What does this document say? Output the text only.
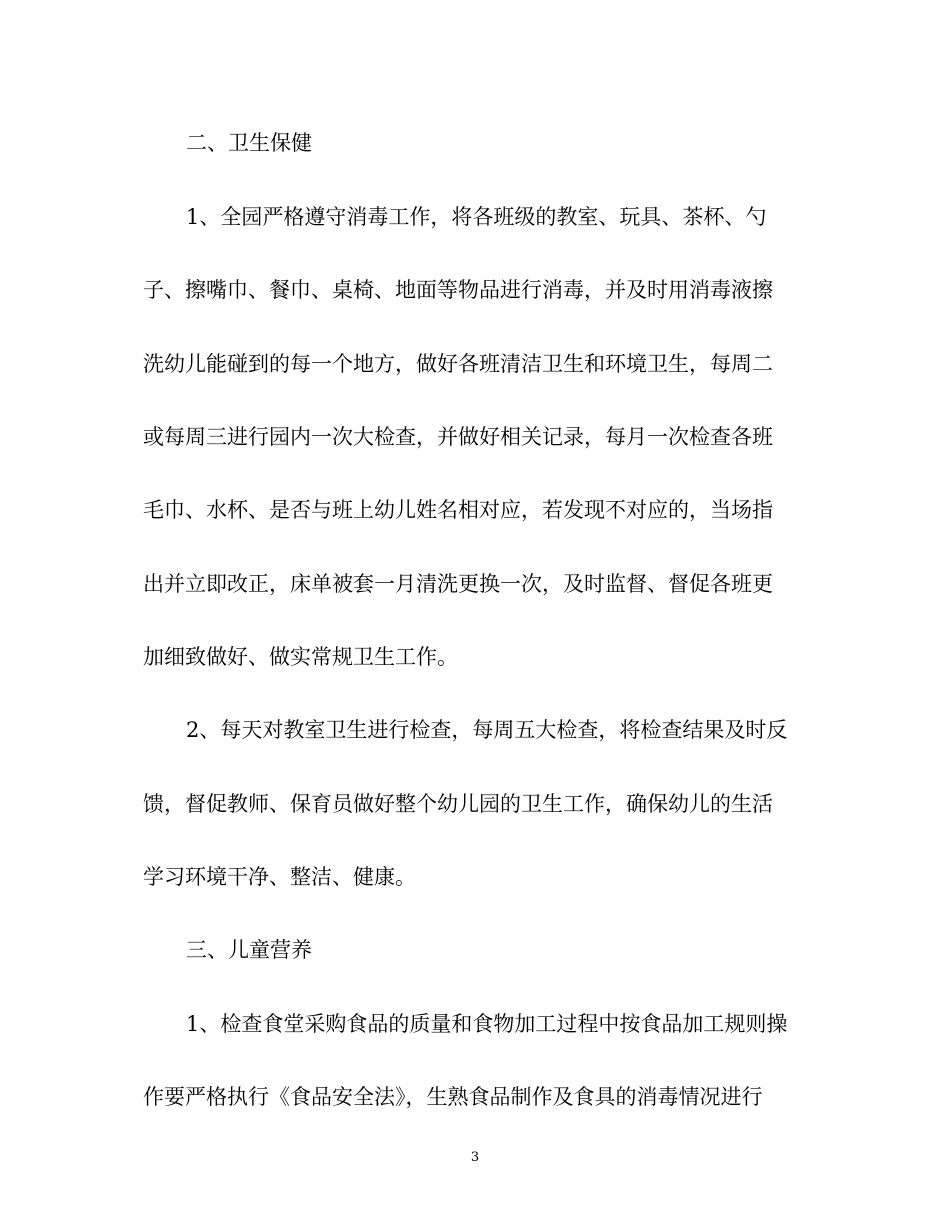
二、卫生保健
1、全园严格遵守消毒工作，将各班级的教室、玩具、茶杯、勺
子、擦嘴巾、餐巾、桌椅、地面等物品进行消毒，并及时用消毒液擦
洗幼儿能碰到的每一个地方，做好各班清洁卫生和环境卫生，每周二
或每周三进行园内一次大检查，并做好相关记录，每月一次检查各班
毛巾、水杯、是否与班上幼儿姓名相对应，若发现不对应的，当场指
出并立即改正，床单被套一月清洗更换一次，及时监督、督促各班更
加细致做好、做实常规卫生工作。
2、每天对教室卫生进行检查，每周五大检查，将检查结果及时反
馈，督促教师、保育员做好整个幼儿园的卫生工作，确保幼儿的生活
学习环境干净、整洁、健康。
三、儿童营养
1、检查食堂采购食品的质量和食物加工过程中按食品加工规则操
作要严格执行《食品安全法》，生熟食品制作及食具的消毒情况进行
3
